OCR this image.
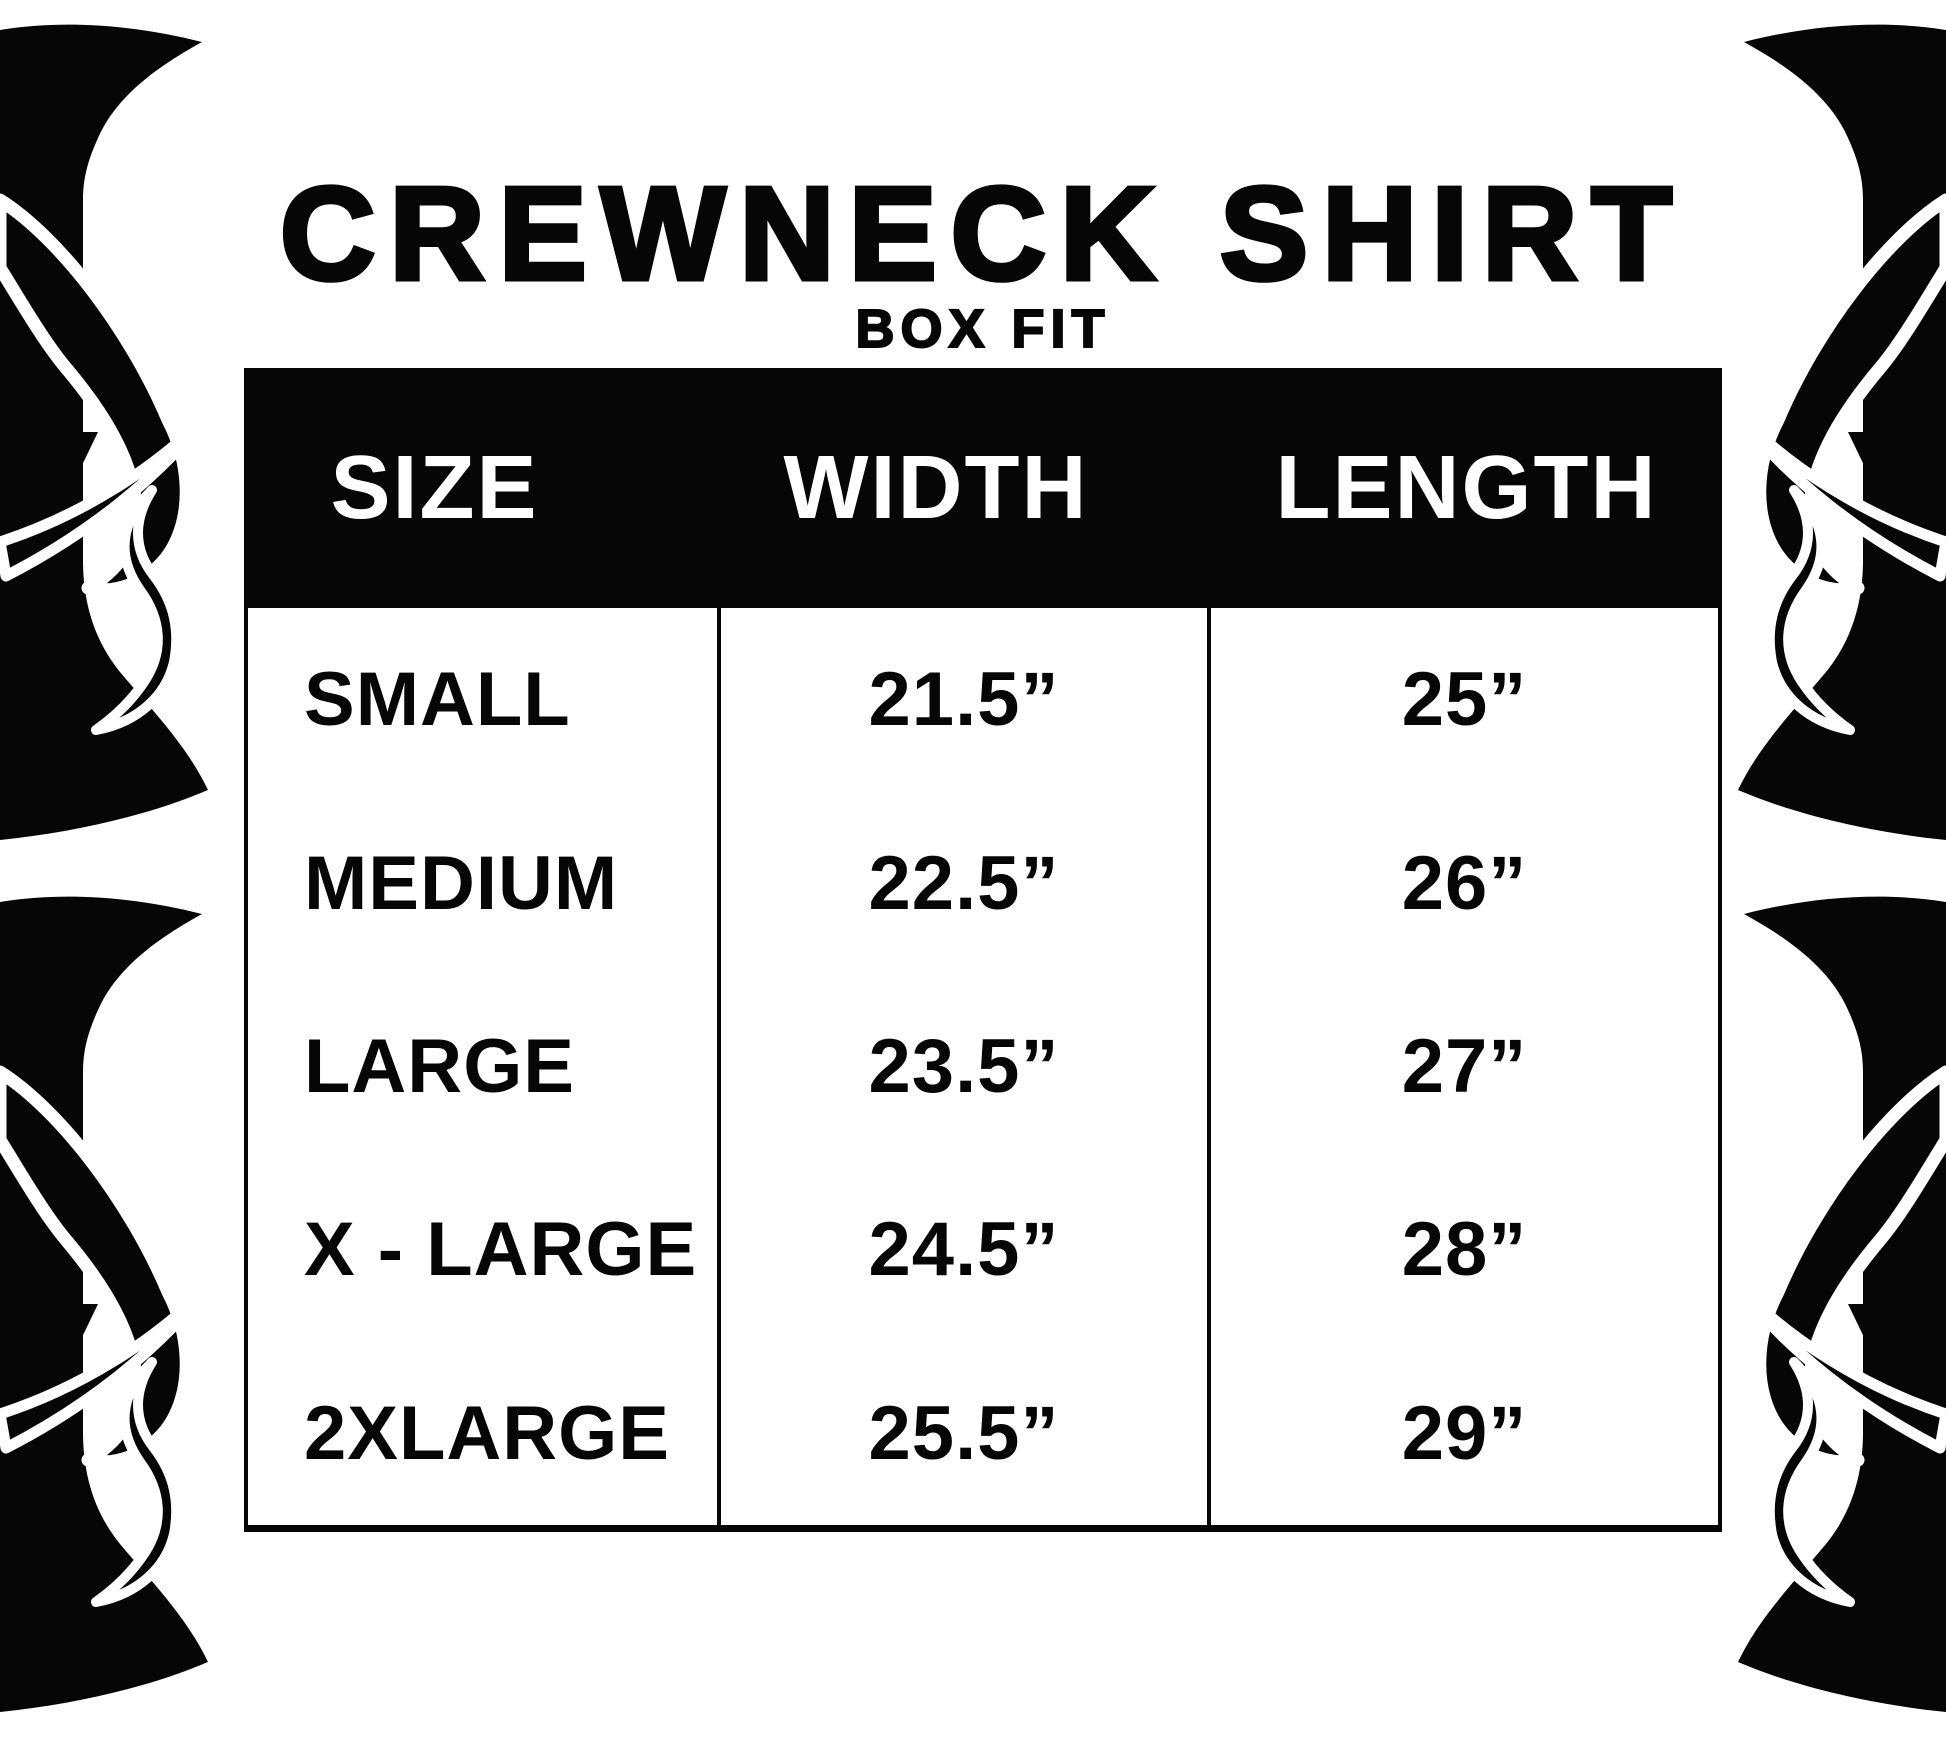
CREWNECK SHIRT
BOX FIT
SIZE	WIDTH LENGTH
SMALL	21.5”	25”
MEDIUM	22.5”	26”
LARGE	23.5”	27”
X - LARGE	24.5”	28”
2XLARGE	25.5”	29”
